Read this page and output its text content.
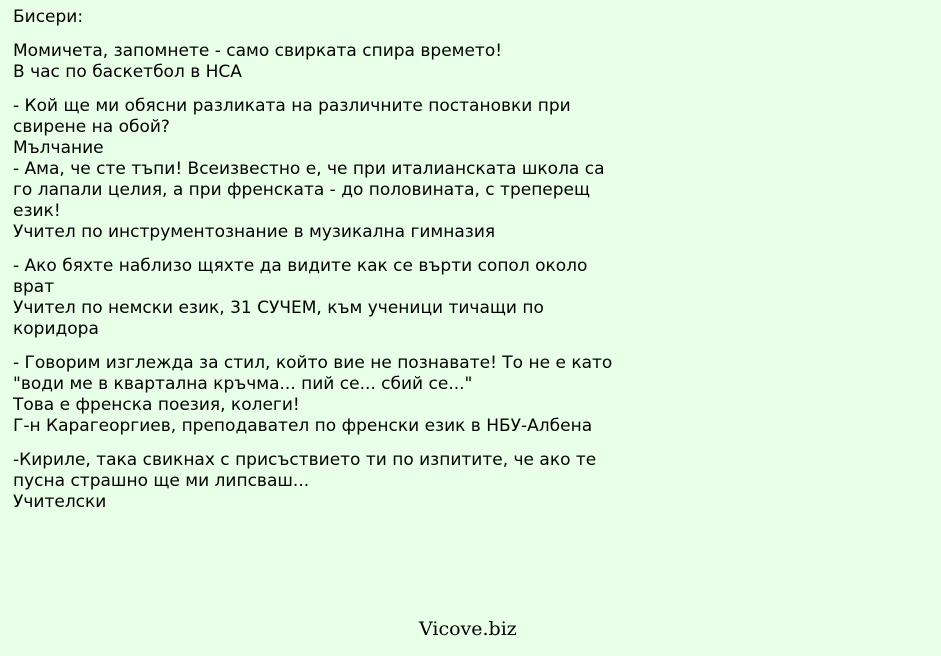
Бисери:
Момичета, запомнете - само свирката спира времето!
В час по баскетбол в НСА
- Кой ще ми обясни разликата на различните постановки при
свирене на обой?
Мълчание
- Ама, че сте тъпи! Всеизвестно е, че при италианската школа са
го лапали целия, а при френската - до половината, с треперещ
език!
Учител по инструментознание в музикална гимназия
- Ако бяхте наблизо щяхте да видите как се върти сопол около
врат
Учител по немски език, 31 СУЧЕМ, към ученици тичащи по
коридора
- Говорим изглежда за стил, който вие не познавате! То не е като
"води ме в квартална кръчма... пий се... сбий се..."
Това е френска поезия, колеги!
Г-н Карагеоргиев, преподавател по френски език в НБУ-Албена
-Кириле, така свикнах с присъствието ти по изпитите, че ако те
пусна страшно ще ми липсваш...
Учителски
Vicove.biz
